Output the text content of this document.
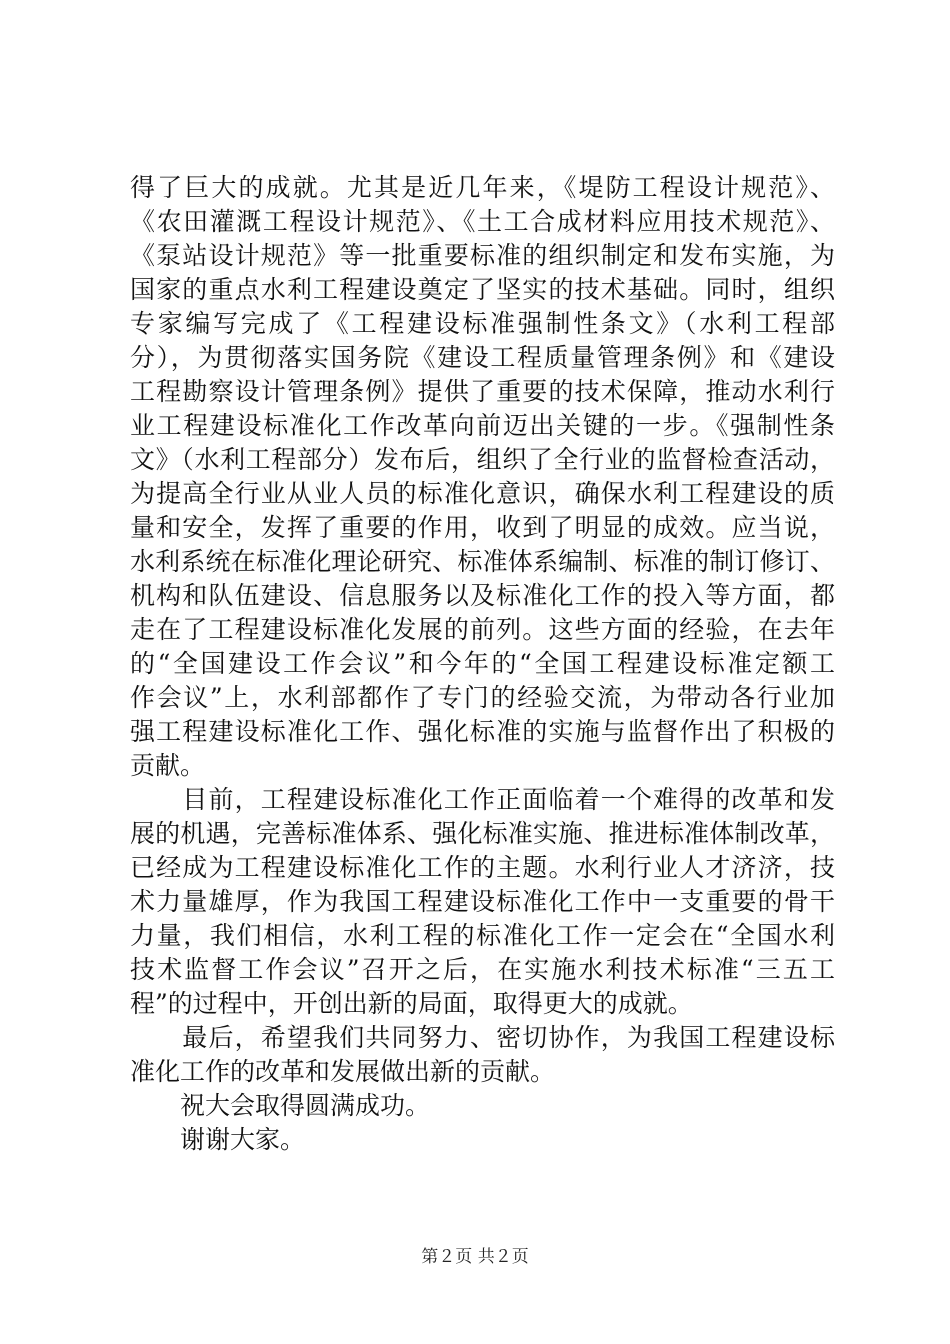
得了巨大的成就。尤其是近几年来，《堤防工程设计规范》、
《农田灌溉工程设计规范》、《土工合成材料应用技术规范》、
《泵站设计规范》等一批重要标准的组织制定和发布实施，为
国家的重点水利工程建设奠定了坚实的技术基础。同时，组织
专家编写完成了《工程建设标准强制性条文》（水利工程部
分），为贯彻落实国务院《建设工程质量管理条例》和《建设
工程勘察设计管理条例》提供了重要的技术保障，推动水利行
业工程建设标准化工作改革向前迈出关键的一步。《强制性条
文》（水利工程部分）发布后，组织了全行业的监督检查活动，
为提高全行业从业人员的标准化意识，确保水利工程建设的质
量和安全，发挥了重要的作用，收到了明显的成效。应当说，
水利系统在标准化理论研究、标准体系编制、标准的制订修订、
机构和队伍建设、信息服务以及标准化工作的投入等方面，都
走在了工程建设标准化发展的前列。这些方面的经验，在去年
的“全国建设工作会议”和今年的“全国工程建设标准定额工
作会议”上，水利部都作了专门的经验交流，为带动各行业加
强工程建设标准化工作、强化标准的实施与监督作出了积极的
贡献。
　　目前，工程建设标准化工作正面临着一个难得的改革和发
展的机遇，完善标准体系、强化标准实施、推进标准体制改革，
已经成为工程建设标准化工作的主题。水利行业人才济济，技
术力量雄厚，作为我国工程建设标准化工作中一支重要的骨干
力量，我们相信，水利工程的标准化工作一定会在“全国水利
技术监督工作会议”召开之后，在实施水利技术标准“三五工
程”的过程中，开创出新的局面，取得更大的成就。
　　最后，希望我们共同努力、密切协作，为我国工程建设标
准化工作的改革和发展做出新的贡献。
　　祝大会取得圆满成功。
　　谢谢大家。
第２页 共２页
